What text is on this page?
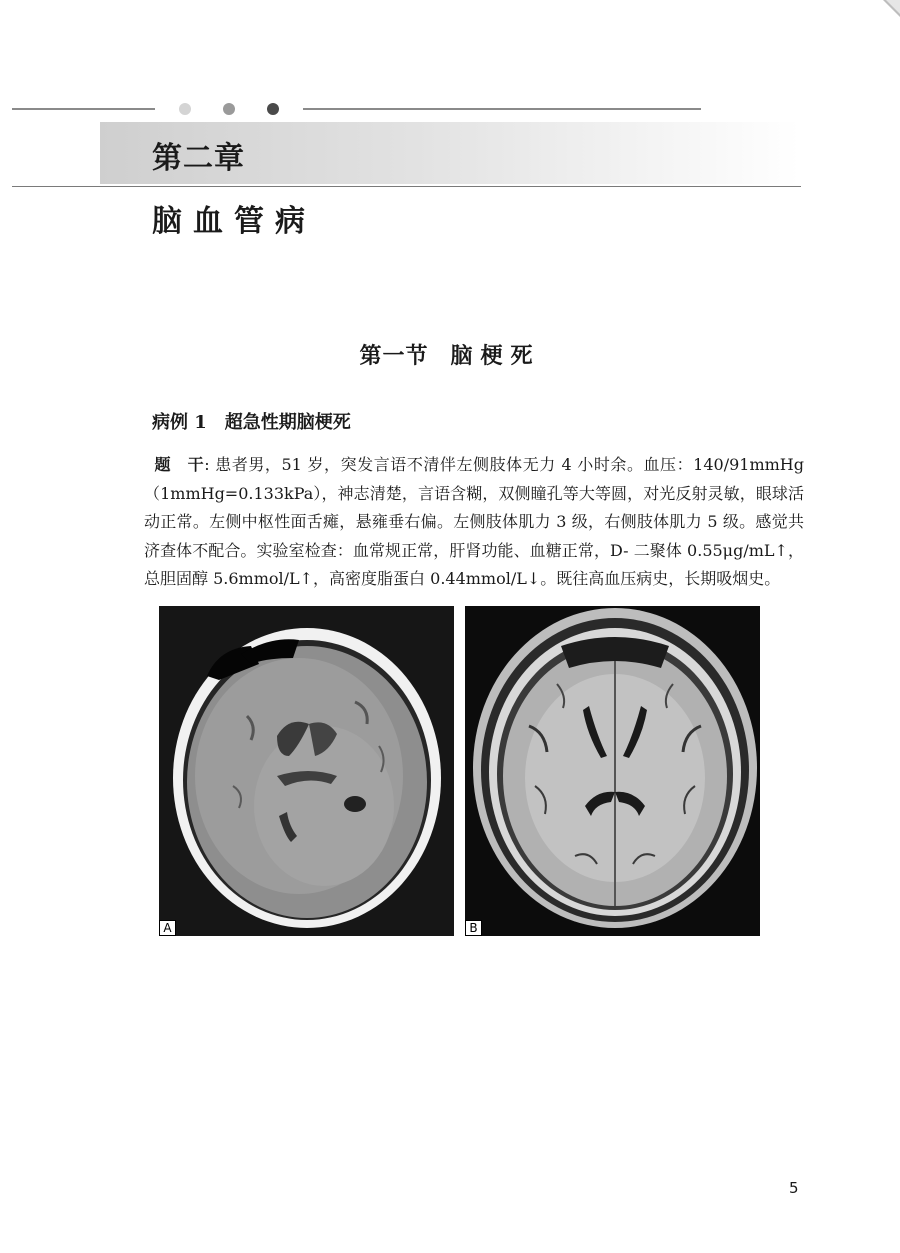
第二章
脑血管病
第一节 脑梗死
病例 1 超急性期脑梗死
题　干: 患者男，51 岁，突发言语不清伴左侧肢体无力 4 小时余。血压：140/91mmHg（1mmHg=0.133kPa），神志清楚，言语含糊，双侧瞳孔等大等圆，对光反射灵敏，眼球活动正常。左侧中枢性面舌瘫，悬雍垂右偏。左侧肢体肌力 3 级，右侧肢体肌力 5 级。感觉共济查体不配合。实验室检查：血常规正常，肝肾功能、血糖正常，D- 二聚体 0.55μg/mL↑，总胆固醇 5.6mmol/L↑，高密度脂蛋白 0.44mmol/L↓。既往高血压病史，长期吸烟史。
A	B
5
